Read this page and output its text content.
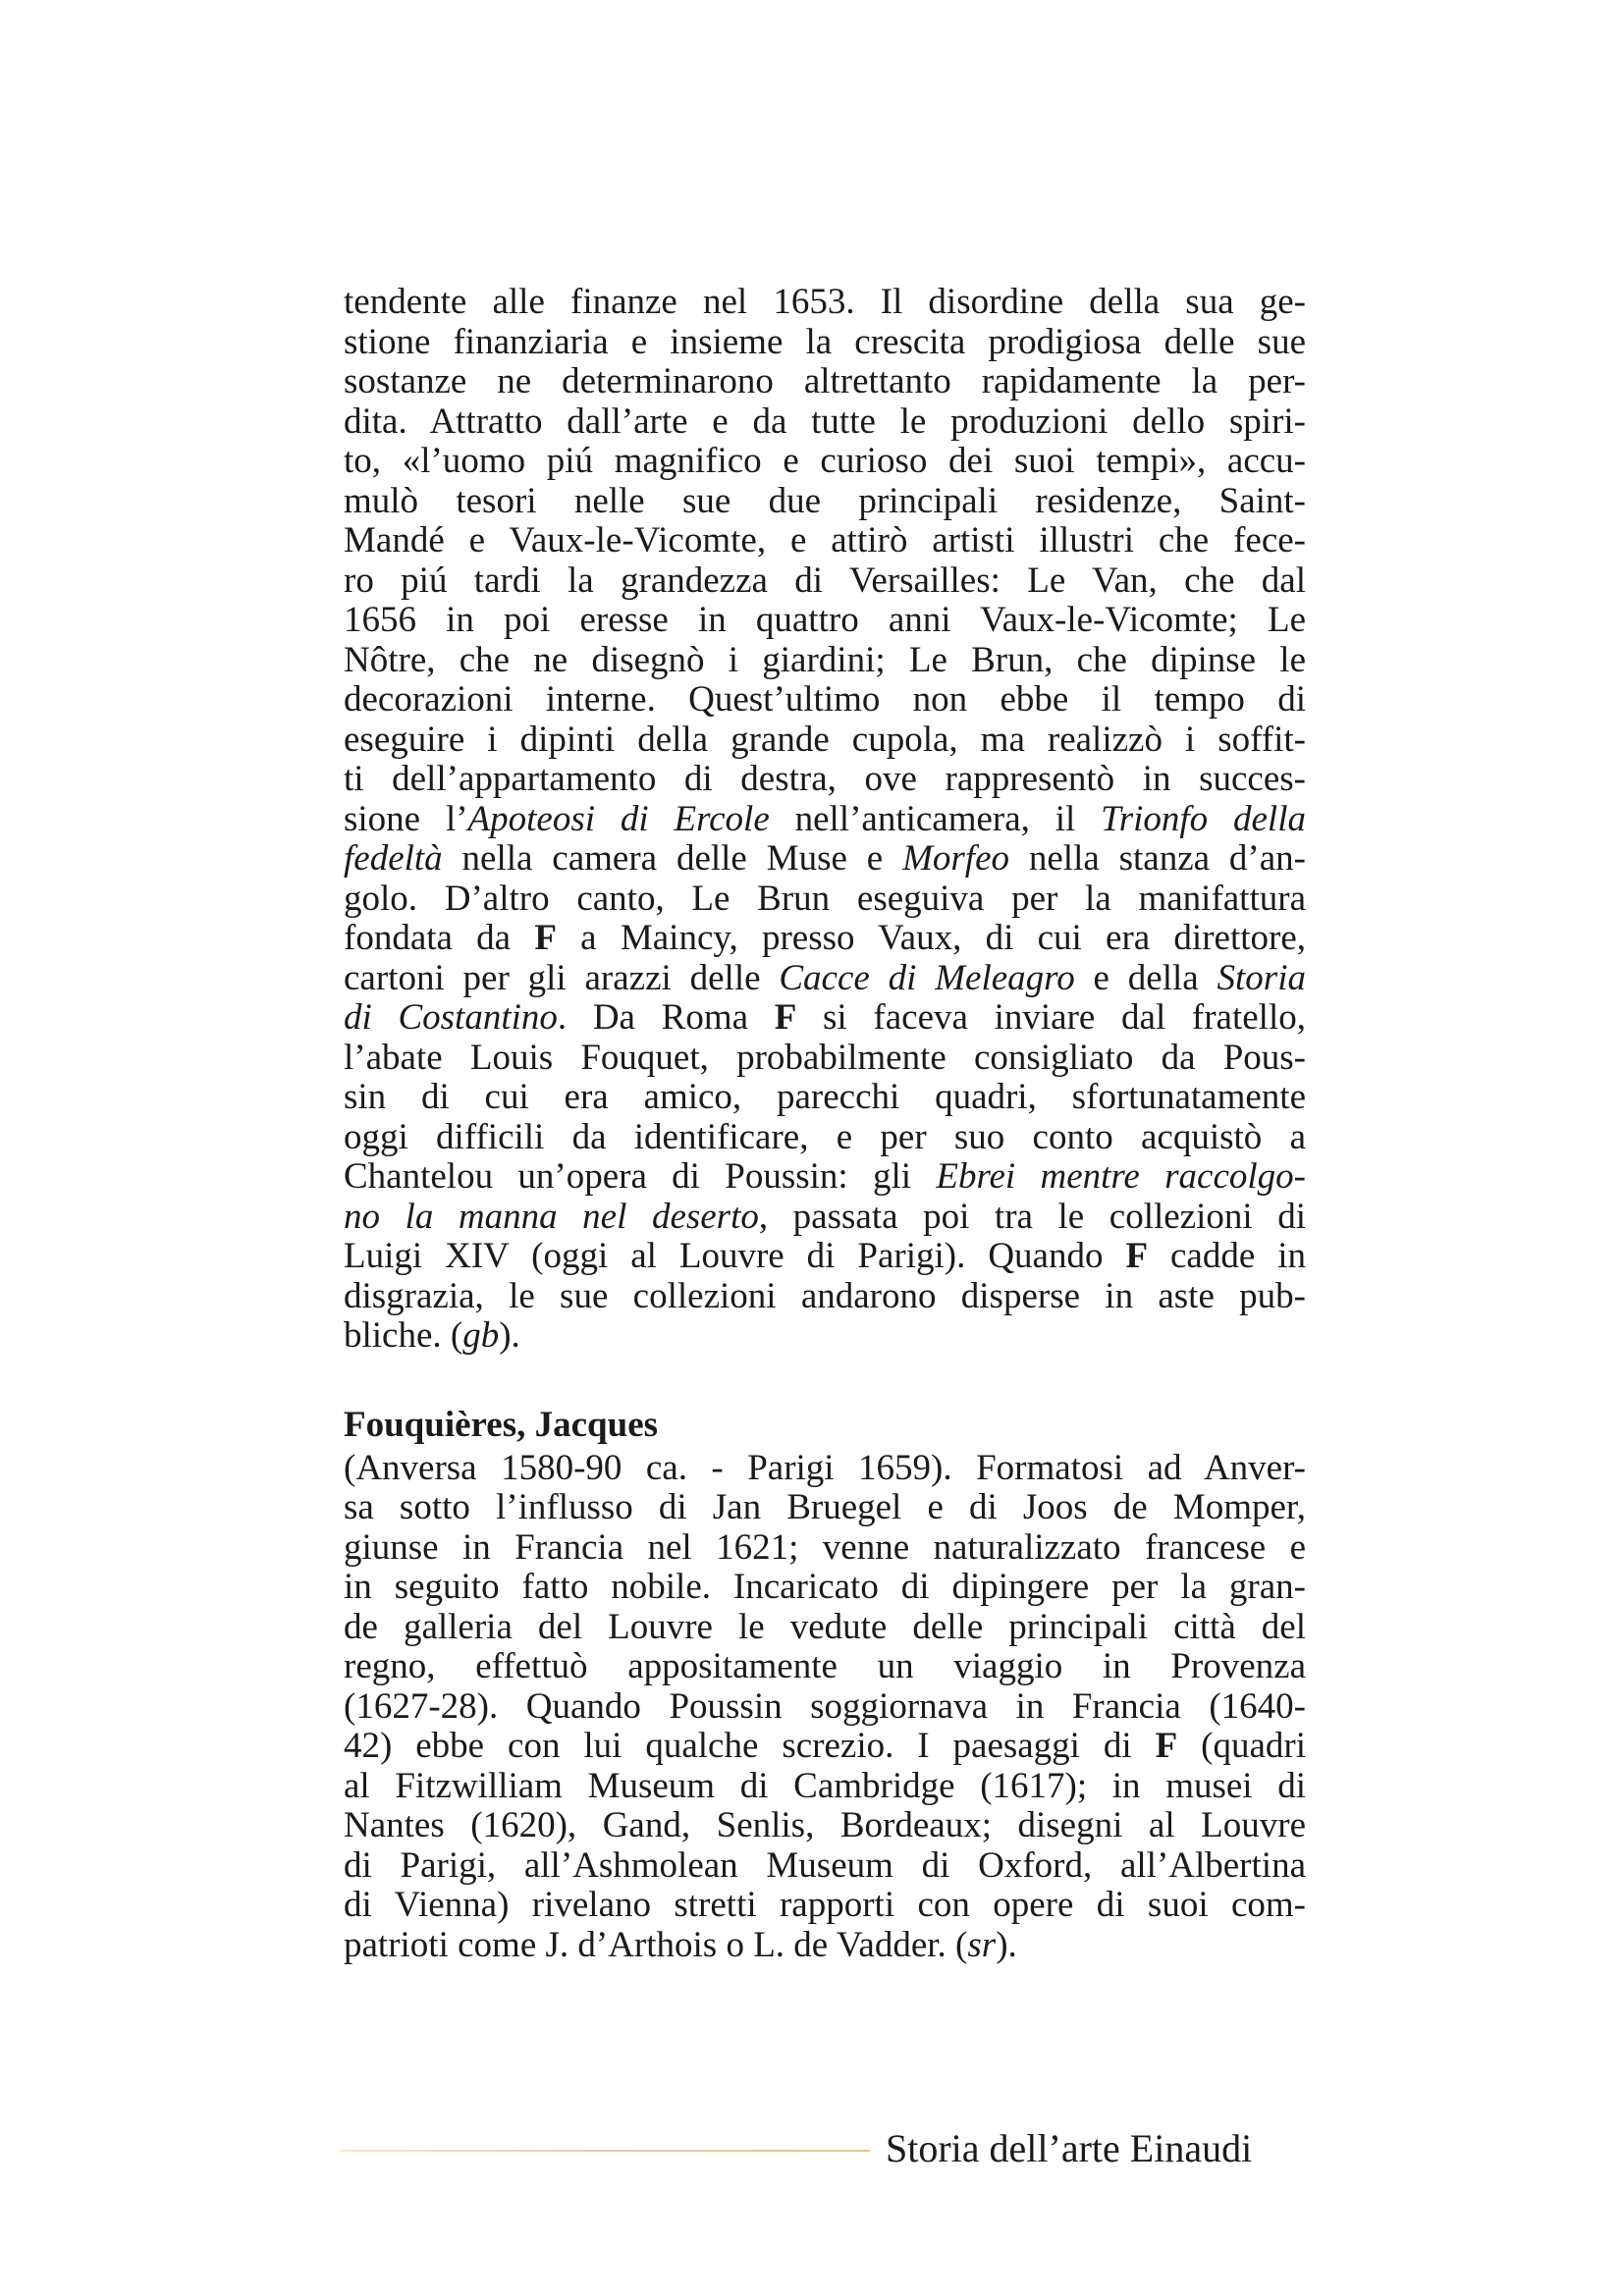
tendente alle finanze nel 1653. Il disordine della sua ge-
stione finanziaria e insieme la crescita prodigiosa delle sue
sostanze ne determinarono altrettanto rapidamente la per-
dita. Attratto dall’arte e da tutte le produzioni dello spiri-
to, «l’uomo piú magnifico e curioso dei suoi tempi», accu-
mulò tesori nelle sue due principali residenze, Saint-
Mandé e Vaux-le-Vicomte, e attirò artisti illustri che fece-
ro piú tardi la grandezza di Versailles: Le Van, che dal
1656 in poi eresse in quattro anni Vaux-le-Vicomte; Le
Nôtre, che ne disegnò i giardini; Le Brun, che dipinse le
decorazioni interne. Quest’ultimo non ebbe il tempo di
eseguire i dipinti della grande cupola, ma realizzò i soffit-
ti dell’appartamento di destra, ove rappresentò in succes-
sione l’Apoteosi di Ercole nell’anticamera, il Trionfo della
fedeltà nella camera delle Muse e Morfeo nella stanza d’an-
golo. D’altro canto, Le Brun eseguiva per la manifattura
fondata da F a Maincy, presso Vaux, di cui era direttore,
cartoni per gli arazzi delle Cacce di Meleagro e della Storia
di Costantino. Da Roma F si faceva inviare dal fratello,
l’abate Louis Fouquet, probabilmente consigliato da Pous-
sin di cui era amico, parecchi quadri, sfortunatamente
oggi difficili da identificare, e per suo conto acquistò a
Chantelou un’opera di Poussin: gli Ebrei mentre raccolgo-
no la manna nel deserto, passata poi tra le collezioni di
Luigi XIV (oggi al Louvre di Parigi). Quando F cadde in
disgrazia, le sue collezioni andarono disperse in aste pub-
bliche. (gb).
Fouquières, Jacques
(Anversa 1580-90 ca. - Parigi 1659). Formatosi ad Anver-
sa sotto l’influsso di Jan Bruegel e di Joos de Momper,
giunse in Francia nel 1621; venne naturalizzato francese e
in seguito fatto nobile. Incaricato di dipingere per la gran-
de galleria del Louvre le vedute delle principali città del
regno, effettuò appositamente un viaggio in Provenza
(1627-28). Quando Poussin soggiornava in Francia (1640-
42) ebbe con lui qualche screzio. I paesaggi di F (quadri
al Fitzwilliam Museum di Cambridge (1617); in musei di
Nantes (1620), Gand, Senlis, Bordeaux; disegni al Louvre
di Parigi, all’Ashmolean Museum di Oxford, all’Albertina
di Vienna) rivelano stretti rapporti con opere di suoi com-
patrioti come J. d’Arthois o L. de Vadder. (sr).
Storia dell’arte Einaudi
